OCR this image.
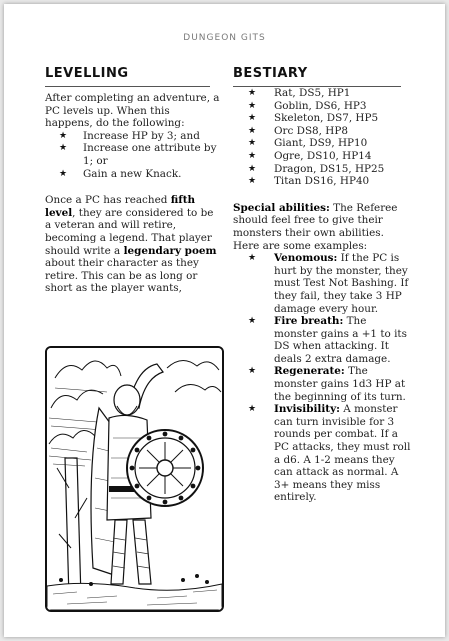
DUNGEON GITS
LEVELLING

After completing an adventure, a PC levels up. When this happens, do the following:

★ Increase HP by 3; and
★ Increase one attribute by 1; or
★ Gain a new Knack.

Once a PC has reached fifth level, they are considered to be a veteran and will retire, becoming a legend. That player should write a legendary poem about their character as they retire. This can be as long or short as the player wants,

BESTIARY
★ Rat, DS5, HP1
★ Goblin, DS6, HP3
★ Skeleton, DS7, HP5
★ Orc DS8, HP8
★ Giant, DS9, HP10
★ Ogre, DS10, HP14
★ Dragon, DS15, HP25
★ Titan DS16, HP40

Special abilities: The Referee should feel free to give their monsters their own abilities. Here are some examples:

★ Venomous: If the PC is hurt by the monster, they must Test Not Bashing. If they fail, they take 3 HP damage every hour.
★ Fire breath: The monster gains a +1 to its DS when attacking. It deals 2 extra damage.
★ Regenerate: The monster gains 1d3 HP at the beginning of its turn.
★ Invisibility: A monster can turn invisible for 3 rounds per combat. If a PC attacks, they must roll a d6. A 1-2 means they can attack as normal. A 3+ means they miss entirely.
